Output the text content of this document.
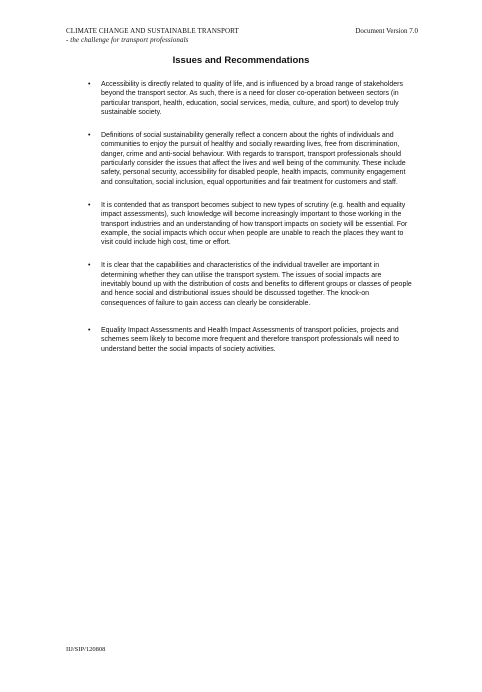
CLIMATE CHANGE AND SUSTAINABLE TRANSPORT
- the challenge for transport professionals
Document Version 7.0
Issues and Recommendations
• Accessibility is directly related to quality of life, and is influenced by a broad range of stakeholders beyond the transport sector. As such, there is a need for closer co-operation between sectors (in particular transport, health, education, social services, media, culture, and sport) to develop truly sustainable society.
• Definitions of social sustainability generally reflect a concern about the rights of individuals and communities to enjoy the pursuit of healthy and socially rewarding lives, free from discrimination, danger, crime and anti-social behaviour. With regards to transport, transport professionals should particularly consider the issues that affect the lives and well being of the community. These include safety, personal security, accessibility for disabled people, health impacts, community engagement and consultation, social inclusion, equal opportunities and fair treatment for customers and staff.
• It is contended that as transport becomes subject to new types of scrutiny (e.g. health and equality impact assessments), such knowledge will become increasingly important to those working in the transport industries and an understanding of how transport impacts on society will be essential. For example, the social impacts which occur when people are unable to reach the places they want to visit could include high cost, time or effort.
• It is clear that the capabilities and characteristics of the individual traveller are important in determining whether they can utilise the transport system. The issues of social impacts are inevitably bound up with the distribution of costs and benefits to different groups or classes of people and hence social and distributional issues should be discussed together. The knock-on consequences of failure to gain access can clearly be considerable.
• Equality Impact Assessments and Health Impact Assessments of transport policies, projects and schemes seem likely to become more frequent and therefore transport professionals will need to understand better the social impacts of society activities.
IIJ/SIP/120808
